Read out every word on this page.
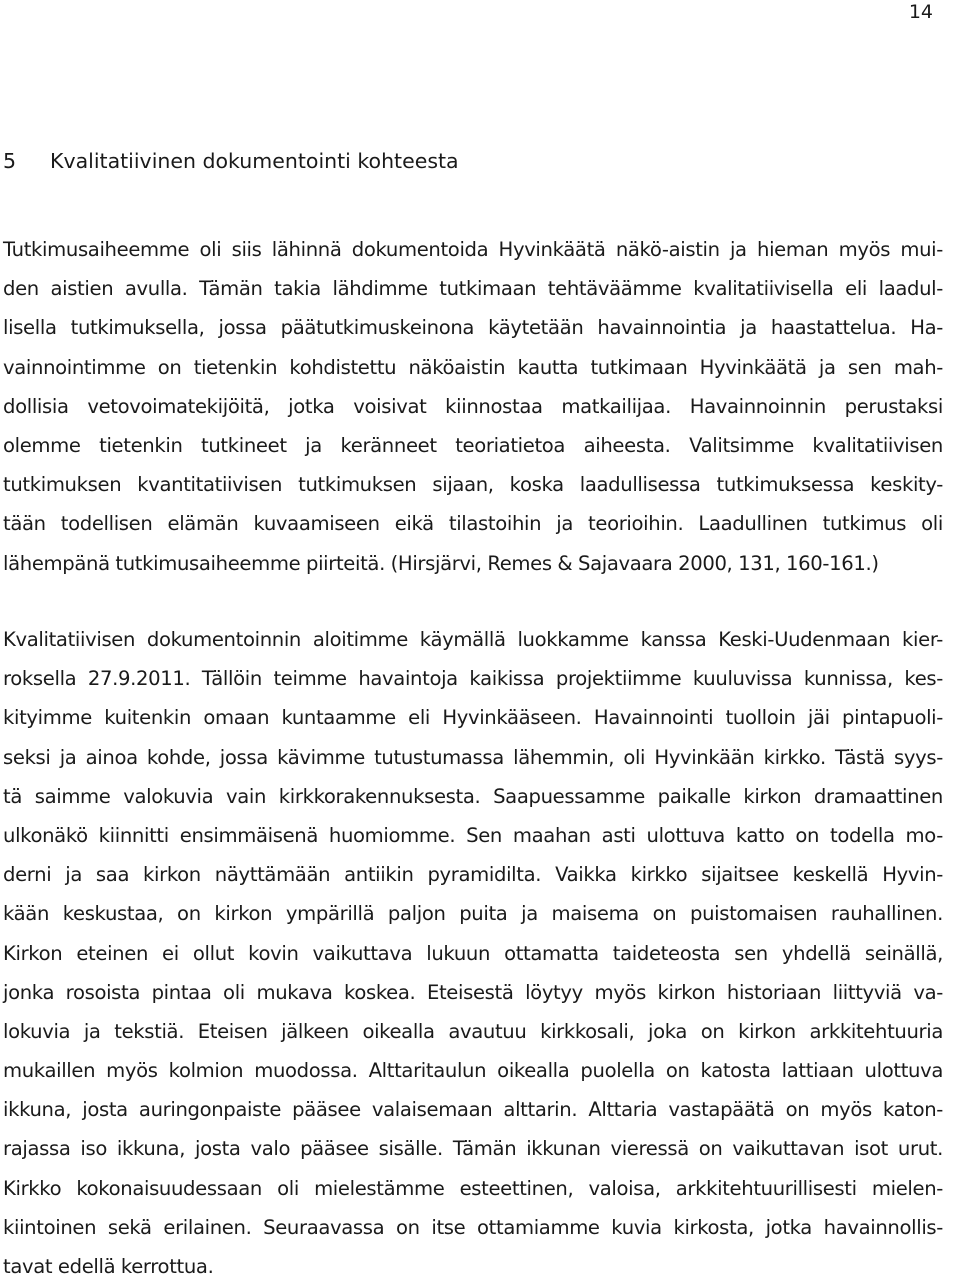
14
5 Kvalitatiivinen dokumentointi kohteesta
Tutkimusaiheemme oli siis lähinnä dokumentoida Hyvinkäätä näkö-aistin ja hieman myös mui-
den aistien avulla. Tämän takia lähdimme tutkimaan tehtäväämme kvalitatiivisella eli laadul-
lisella tutkimuksella, jossa päätutkimuskeinona käytetään havainnointia ja haastattelua. Ha-
vainnointimme on tietenkin kohdistettu näköaistin kautta tutkimaan Hyvinkäätä ja sen mah-
dollisia vetovoimatekijöitä, jotka voisivat kiinnostaa matkailijaa. Havainnoinnin perustaksi
olemme tietenkin tutkineet ja keränneet teoriatietoa aiheesta. Valitsimme kvalitatiivisen
tutkimuksen kvantitatiivisen tutkimuksen sijaan, koska laadullisessa tutkimuksessa keskity-
tään todellisen elämän kuvaamiseen eikä tilastoihin ja teorioihin. Laadullinen tutkimus oli
lähempänä tutkimusaiheemme piirteitä. (Hirsjärvi, Remes & Sajavaara 2000, 131, 160-161.)
Kvalitatiivisen dokumentoinnin aloitimme käymällä luokkamme kanssa Keski-Uudenmaan kier-
roksella 27.9.2011. Tällöin teimme havaintoja kaikissa projektiimme kuuluvissa kunnissa, kes-
kityimme kuitenkin omaan kuntaamme eli Hyvinkääseen. Havainnointi tuolloin jäi pintapuoli-
seksi ja ainoa kohde, jossa kävimme tutustumassa lähemmin, oli Hyvinkään kirkko. Tästä syys-
tä saimme valokuvia vain kirkkorakennuksesta. Saapuessamme paikalle kirkon dramaattinen
ulkonäkö kiinnitti ensimmäisenä huomiomme. Sen maahan asti ulottuva katto on todella mo-
derni ja saa kirkon näyttämään antiikin pyramidilta. Vaikka kirkko sijaitsee keskellä Hyvin-
kään keskustaa, on kirkon ympärillä paljon puita ja maisema on puistomaisen rauhallinen.
Kirkon eteinen ei ollut kovin vaikuttava lukuun ottamatta taideteosta sen yhdellä seinällä,
jonka rosoista pintaa oli mukava koskea. Eteisestä löytyy myös kirkon historiaan liittyviä va-
lokuvia ja tekstiä. Eteisen jälkeen oikealla avautuu kirkkosali, joka on kirkon arkkitehtuuria
mukaillen myös kolmion muodossa. Alttaritaulun oikealla puolella on katosta lattiaan ulottuva
ikkuna, josta auringonpaiste pääsee valaisemaan alttarin. Alttaria vastapäätä on myös katon-
rajassa iso ikkuna, josta valo pääsee sisälle. Tämän ikkunan vieressä on vaikuttavan isot urut.
Kirkko kokonaisuudessaan oli mielestämme esteettinen, valoisa, arkkitehtuurillisesti mielen-
kiintoinen sekä erilainen. Seuraavassa on itse ottamiamme kuvia kirkosta, jotka havainnollis-
tavat edellä kerrottua.
